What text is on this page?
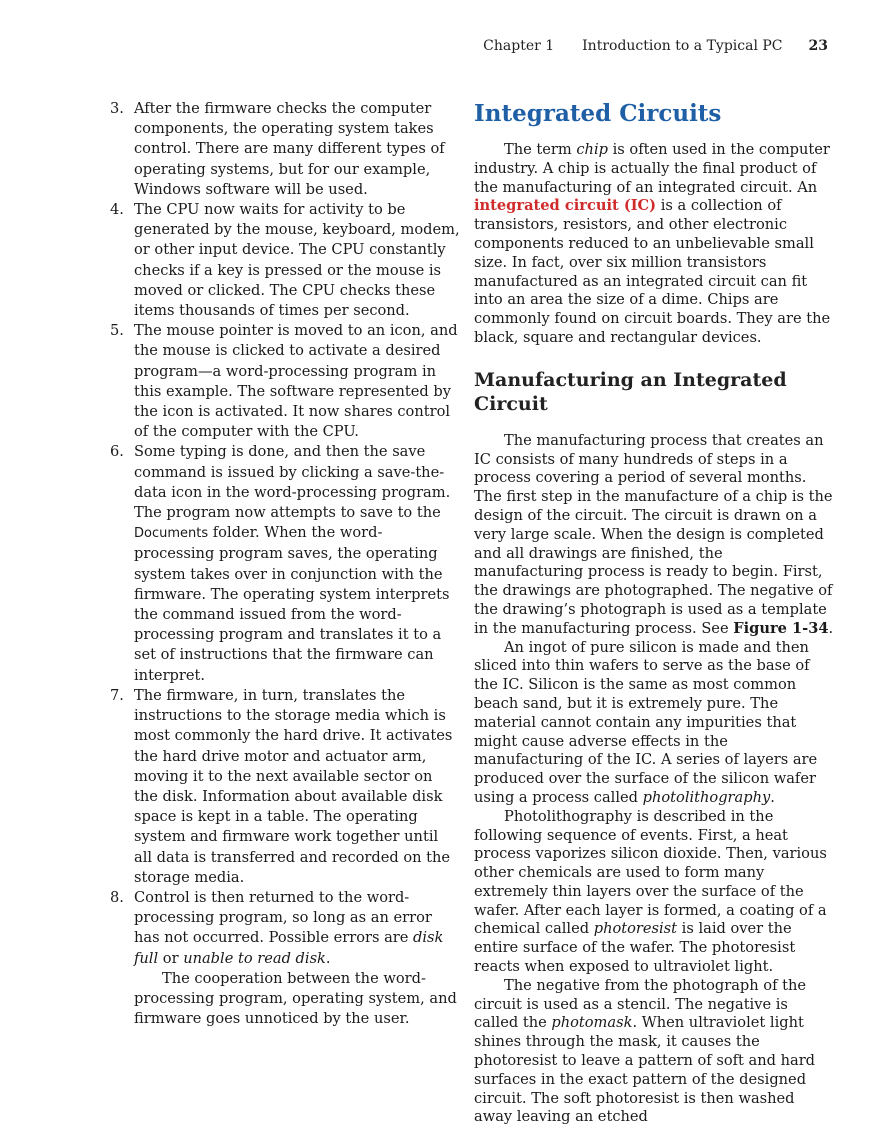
Chapter 1 Introduction to a Typical PC 23
3. After the firmware checks the computer components, the operating system takes control. There are many different types of operating systems, but for our example, Windows software will be used.
4. The CPU now waits for activity to be generated by the mouse, keyboard, modem, or other input device. The CPU constantly checks if a key is pressed or the mouse is moved or clicked. The CPU checks these items thousands of times per second.
5. The mouse pointer is moved to an icon, and the mouse is clicked to activate a desired program—a word-processing program in this example. The software represented by the icon is activated. It now shares control of the computer with the CPU.
6. Some typing is done, and then the save command is issued by clicking a save-the-data icon in the word-processing program. The program now attempts to save to the Documents folder. When the word-processing program saves, the operating system takes over in conjunction with the firmware. The operating system interprets the command issued from the word-processing program and translates it to a set of instructions that the firmware can interpret.
7. The firmware, in turn, translates the instructions to the storage media which is most commonly the hard drive. It activates the hard drive motor and actuator arm, moving it to the next available sector on the disk. Information about available disk space is kept in a table. The operating system and firmware work together until all data is transferred and recorded on the storage media.
8. Control is then returned to the word-processing program, so long as an error has not occurred. Possible errors are disk full or unable to read disk.

The cooperation between the word-processing program, operating system, and firmware goes unnoticed by the user.

Integrated Circuits

The term chip is often used in the computer industry. A chip is actually the final product of the manufacturing of an integrated circuit. An integrated circuit (IC) is a collection of transistors, resistors, and other electronic components reduced to an unbelievable small size. In fact, over six million transistors manufactured as an integrated circuit can fit into an area the size of a dime. Chips are commonly found on circuit boards. They are the black, square and rectangular devices.

Manufacturing an Integrated Circuit

The manufacturing process that creates an IC consists of many hundreds of steps in a process covering a period of several months. The first step in the manufacture of a chip is the design of the circuit. The circuit is drawn on a very large scale. When the design is completed and all drawings are finished, the manufacturing process is ready to begin. First, the drawings are photographed. The negative of the drawing’s photograph is used as a template in the manufacturing process. See Figure 1-34.

An ingot of pure silicon is made and then sliced into thin wafers to serve as the base of the IC. Silicon is the same as most common beach sand, but it is extremely pure. The material cannot contain any impurities that might cause adverse effects in the manufacturing of the IC. A series of layers are produced over the surface of the silicon wafer using a process called photolithography.

Photolithography is described in the following sequence of events. First, a heat process vaporizes silicon dioxide. Then, various other chemicals are used to form many extremely thin layers over the surface of the wafer. After each layer is formed, a coating of a chemical called photoresist is laid over the entire surface of the wafer. The photoresist reacts when exposed to ultraviolet light.

The negative from the photograph of the circuit is used as a stencil. The negative is called the photomask. When ultraviolet light shines through the mask, it causes the photoresist to leave a pattern of soft and hard surfaces in the exact pattern of the designed circuit. The soft photoresist is then washed away leaving an etched
